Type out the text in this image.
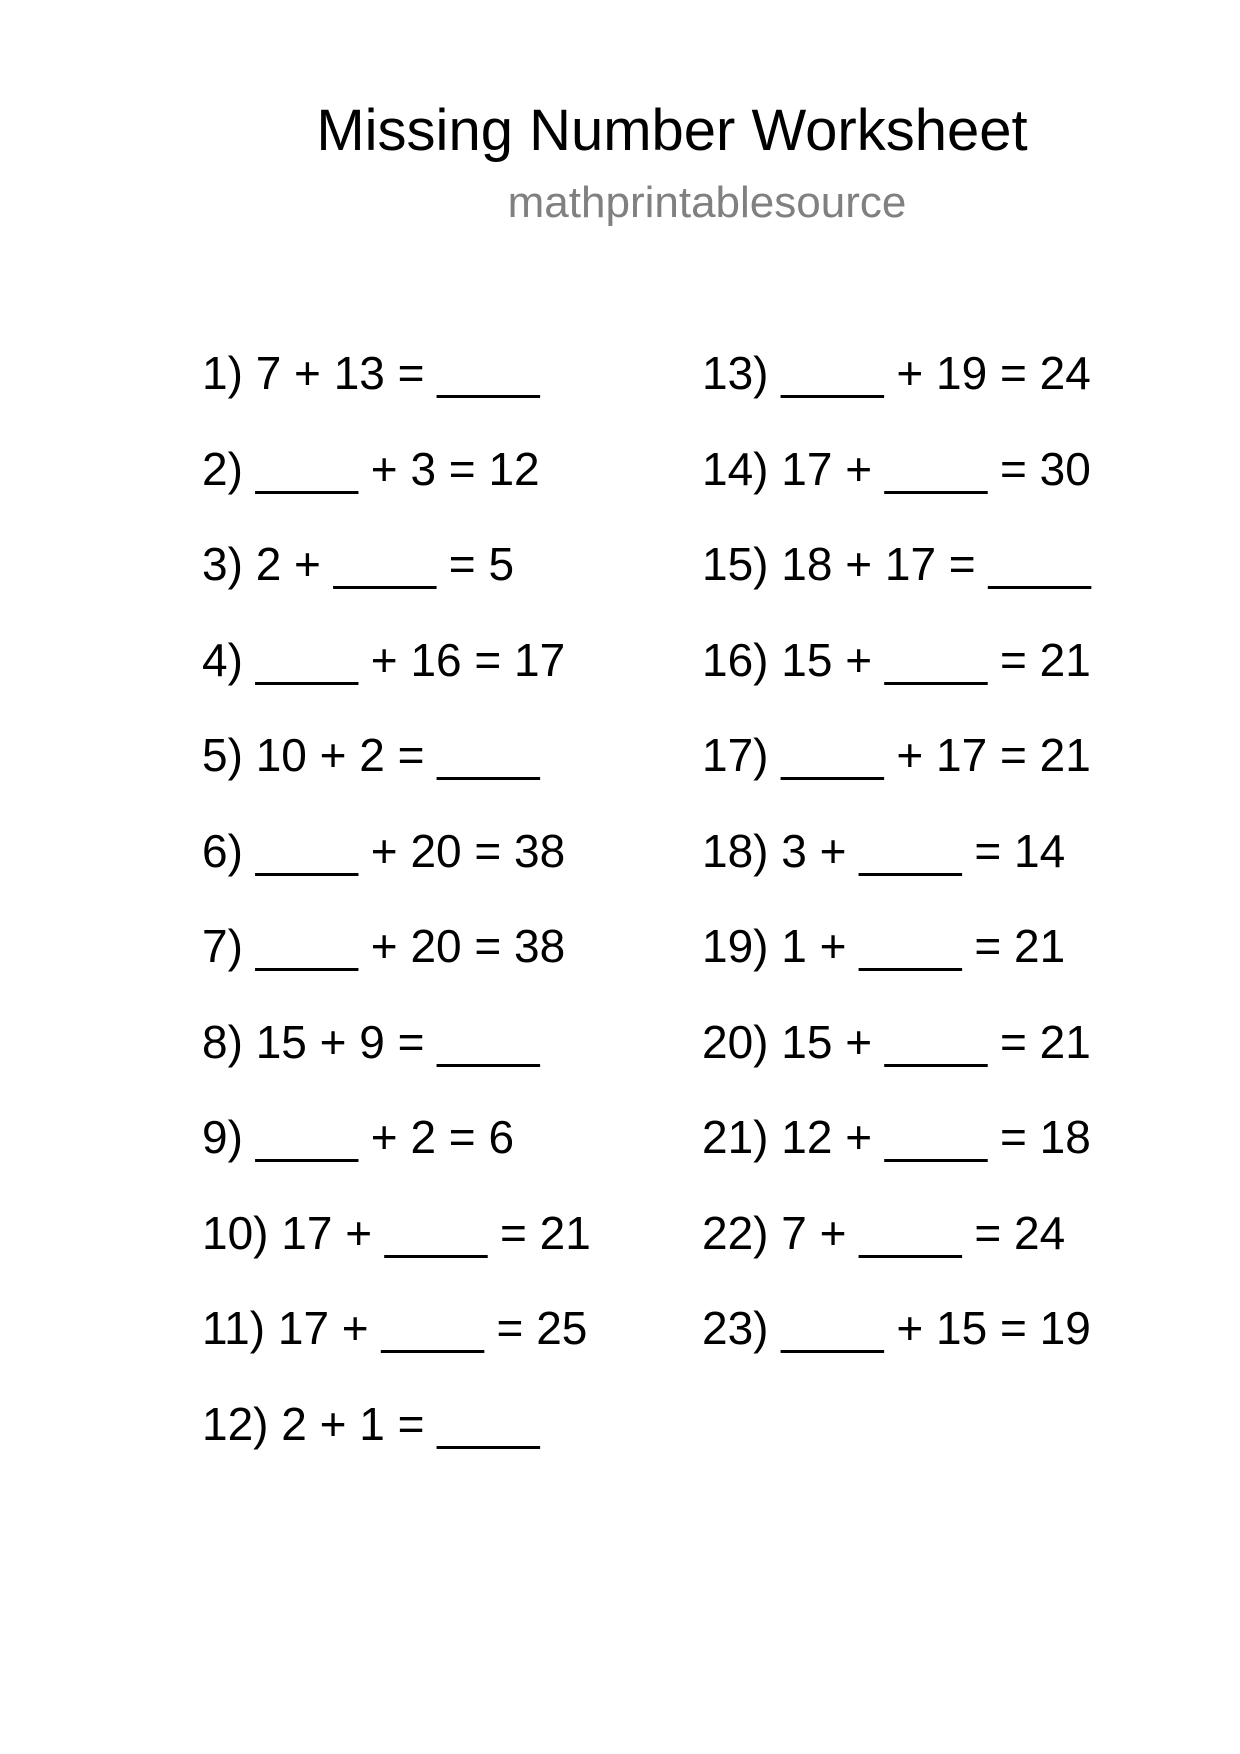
Missing Number Worksheet
mathprintablesource
1) 7 + 13 = ____
2) ____ + 3 = 12
3) 2 + ____ = 5
4) ____ + 16 = 17
5) 10 + 2 = ____
6) ____ + 20 = 38
7) ____ + 20 = 38
8) 15 + 9 = ____
9) ____ + 2 = 6
10) 17 + ____ = 21
11) 17 + ____ = 25
12) 2 + 1 = ____
13) ____ + 19 = 24
14) 17 + ____ = 30
15) 18 + 17 = ____
16) 15 + ____ = 21
17) ____ + 17 = 21
18) 3 + ____ = 14
19) 1 + ____ = 21
20) 15 + ____ = 21
21) 12 + ____ = 18
22) 7 + ____ = 24
23) ____ + 15 = 19
